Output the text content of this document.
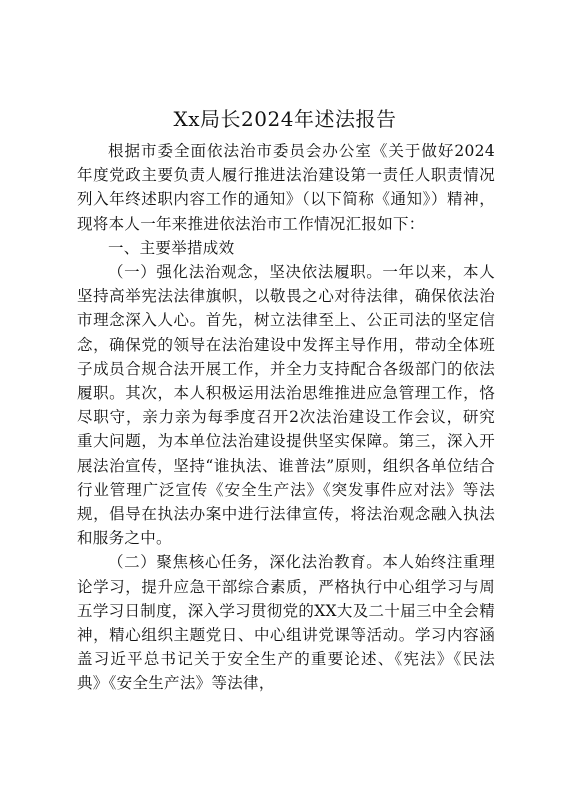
Xx局长2024年述法报告

根据市委全面依法治市委员会办公室《关于做好2024年度党政主要负责人履行推进法治建设第一责任人职责情况列入年终述职内容工作的通知》（以下简称《通知》）精神，现将本人一年来推进依法治市工作情况汇报如下：

一、主要举措成效

（一）强化法治观念，坚决依法履职。一年以来，本人坚持高举宪法法律旗帜，以敬畏之心对待法律，确保依法治市理念深入人心。首先，树立法律至上、公正司法的坚定信念，确保党的领导在法治建设中发挥主导作用，带动全体班子成员合规合法开展工作，并全力支持配合各级部门的依法履职。其次，本人积极运用法治思维推进应急管理工作，恪尽职守，亲力亲为每季度召开2次法治建设工作会议，研究重大问题，为本单位法治建设提供坚实保障。第三，深入开展法治宣传，坚持“谁执法、谁普法”原则，组织各单位结合行业管理广泛宣传《安全生产法》《突发事件应对法》等法规，倡导在执法办案中进行法律宣传，将法治观念融入执法和服务之中。

（二）聚焦核心任务，深化法治教育。本人始终注重理论学习，提升应急干部综合素质，严格执行中心组学习与周五学习日制度，深入学习贯彻党的XX大及二十届三中全会精神，精心组织主题党日、中心组讲党课等活动。学习内容涵盖习近平总书记关于安全生产的重要论述、《宪法》《民法典》《安全生产法》等法律，
